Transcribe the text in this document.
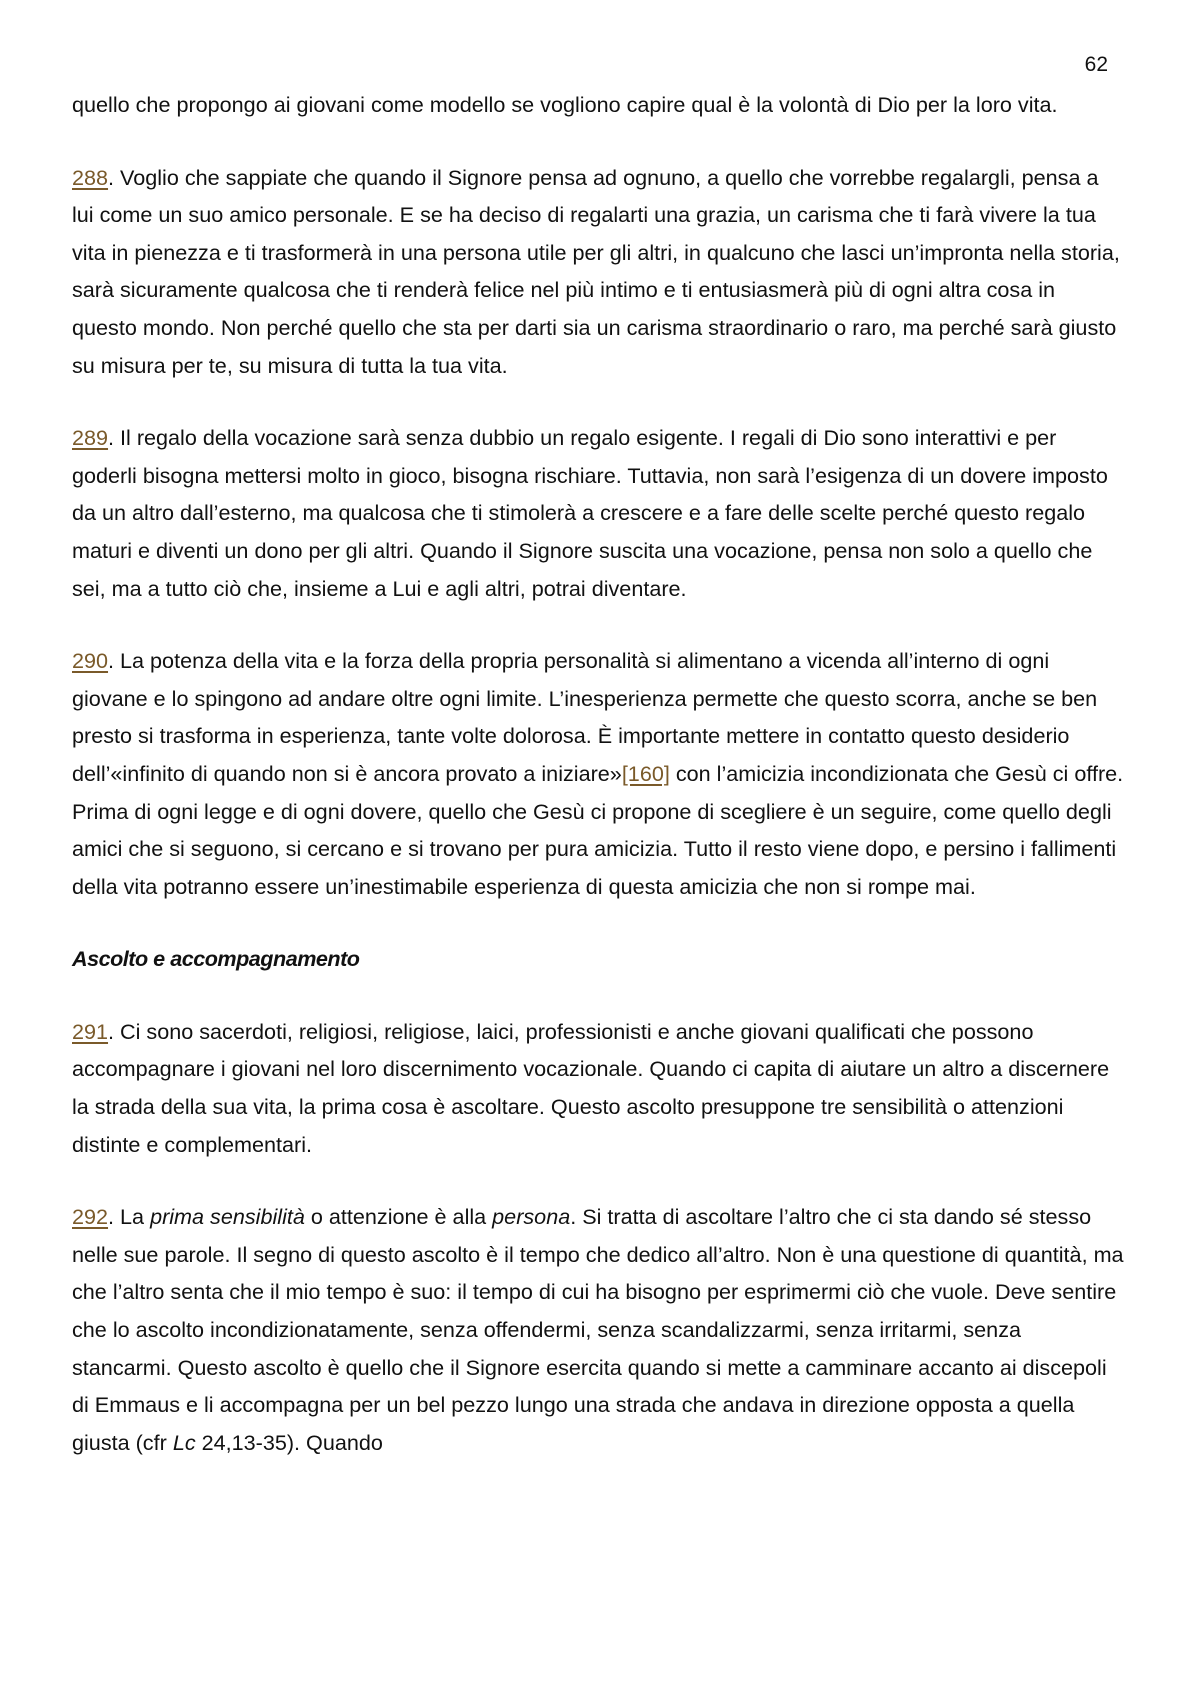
62

quello che propongo ai giovani come modello se vogliono capire qual è la volontà di Dio per la loro vita.

288. Voglio che sappiate che quando il Signore pensa ad ognuno, a quello che vorrebbe regalargli, pensa a lui come un suo amico personale. E se ha deciso di regalarti una grazia, un carisma che ti farà vivere la tua vita in pienezza e ti trasformerà in una persona utile per gli altri, in qualcuno che lasci un’impronta nella storia, sarà sicuramente qualcosa che ti renderà felice nel più intimo e ti entusiasmerà più di ogni altra cosa in questo mondo. Non perché quello che sta per darti sia un carisma straordinario o raro, ma perché sarà giusto su misura per te, su misura di tutta la tua vita.

289. Il regalo della vocazione sarà senza dubbio un regalo esigente. I regali di Dio sono interattivi e per goderli bisogna mettersi molto in gioco, bisogna rischiare. Tuttavia, non sarà l’esigenza di un dovere imposto da un altro dall’esterno, ma qualcosa che ti stimolerà a crescere e a fare delle scelte perché questo regalo maturi e diventi un dono per gli altri. Quando il Signore suscita una vocazione, pensa non solo a quello che sei, ma a tutto ciò che, insieme a Lui e agli altri, potrai diventare.

290. La potenza della vita e la forza della propria personalità si alimentano a vicenda all’interno di ogni giovane e lo spingono ad andare oltre ogni limite. L’inesperienza permette che questo scorra, anche se ben presto si trasforma in esperienza, tante volte dolorosa. È importante mettere in contatto questo desiderio dell’«infinito di quando non si è ancora provato a iniziare»[160] con l’amicizia incondizionata che Gesù ci offre. Prima di ogni legge e di ogni dovere, quello che Gesù ci propone di scegliere è un seguire, come quello degli amici che si seguono, si cercano e si trovano per pura amicizia. Tutto il resto viene dopo, e persino i fallimenti della vita potranno essere un’inestimabile esperienza di questa amicizia che non si rompe mai.

Ascolto e accompagnamento

291. Ci sono sacerdoti, religiosi, religiose, laici, professionisti e anche giovani qualificati che possono accompagnare i giovani nel loro discernimento vocazionale. Quando ci capita di aiutare un altro a discernere la strada della sua vita, la prima cosa è ascoltare. Questo ascolto presuppone tre sensibilità o attenzioni distinte e complementari.

292. La prima sensibilità o attenzione è alla persona. Si tratta di ascoltare l’altro che ci sta dando sé stesso nelle sue parole. Il segno di questo ascolto è il tempo che dedico all’altro. Non è una questione di quantità, ma che l’altro senta che il mio tempo è suo: il tempo di cui ha bisogno per esprimermi ciò che vuole. Deve sentire che lo ascolto incondizionatamente, senza offendermi, senza scandalizzarmi, senza irritarmi, senza stancarmi. Questo ascolto è quello che il Signore esercita quando si mette a camminare accanto ai discepoli di Emmaus e li accompagna per un bel pezzo lungo una strada che andava in direzione opposta a quella giusta (cfr Lc 24,13-35). Quando
